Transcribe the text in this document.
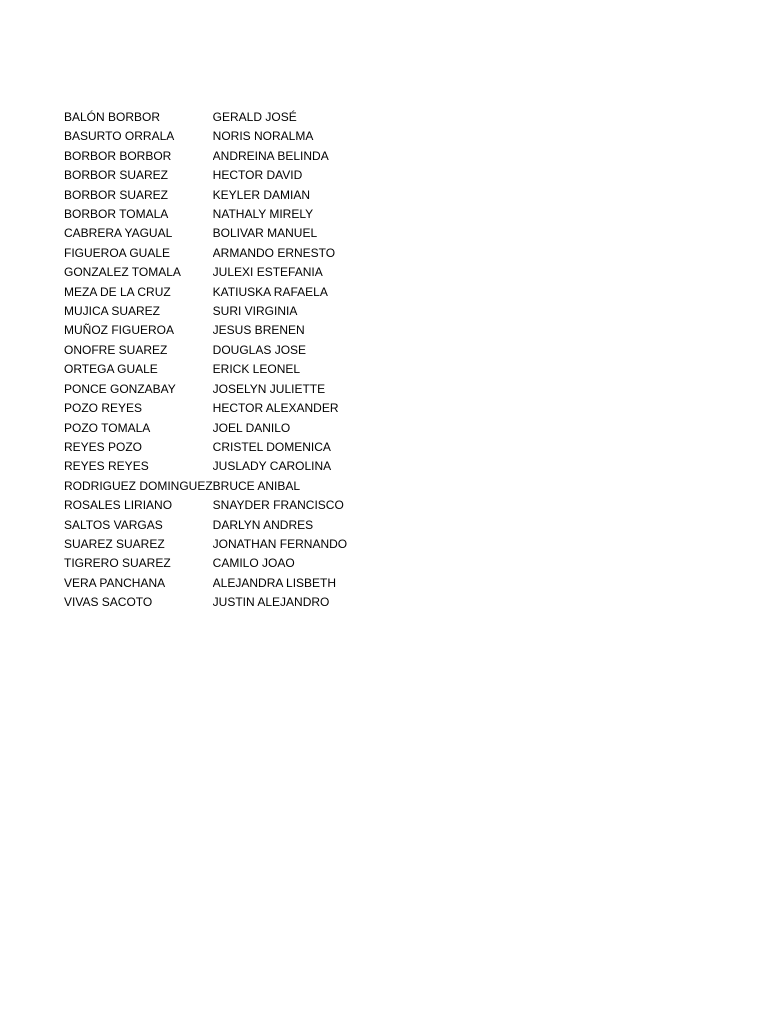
BALÓN BORBOR	GERALD JOSÉ
BASURTO ORRALA	NORIS NORALMA
BORBOR BORBOR	ANDREINA BELINDA
BORBOR SUAREZ	HECTOR DAVID
BORBOR SUAREZ	KEYLER DAMIAN
BORBOR TOMALA	NATHALY MIRELY
CABRERA YAGUAL	BOLIVAR MANUEL
FIGUEROA GUALE	ARMANDO ERNESTO
GONZALEZ TOMALA	JULEXI ESTEFANIA
MEZA DE LA CRUZ	KATIUSKA RAFAELA
MUJICA SUAREZ	SURI VIRGINIA
MUÑOZ FIGUEROA	JESUS BRENEN
ONOFRE SUAREZ	DOUGLAS JOSE
ORTEGA GUALE	ERICK LEONEL
PONCE GONZABAY	JOSELYN JULIETTE
POZO REYES	HECTOR ALEXANDER
POZO TOMALA	JOEL DANILO
REYES POZO	CRISTEL DOMENICA
REYES REYES	JUSLADY CAROLINA
RODRIGUEZ DOMINGUEZ	BRUCE ANIBAL
ROSALES LIRIANO	SNAYDER FRANCISCO
SALTOS VARGAS	DARLYN ANDRES
SUAREZ SUAREZ	JONATHAN FERNANDO
TIGRERO SUAREZ	CAMILO JOAO
VERA PANCHANA	ALEJANDRA LISBETH
VIVAS SACOTO	JUSTIN ALEJANDRO
